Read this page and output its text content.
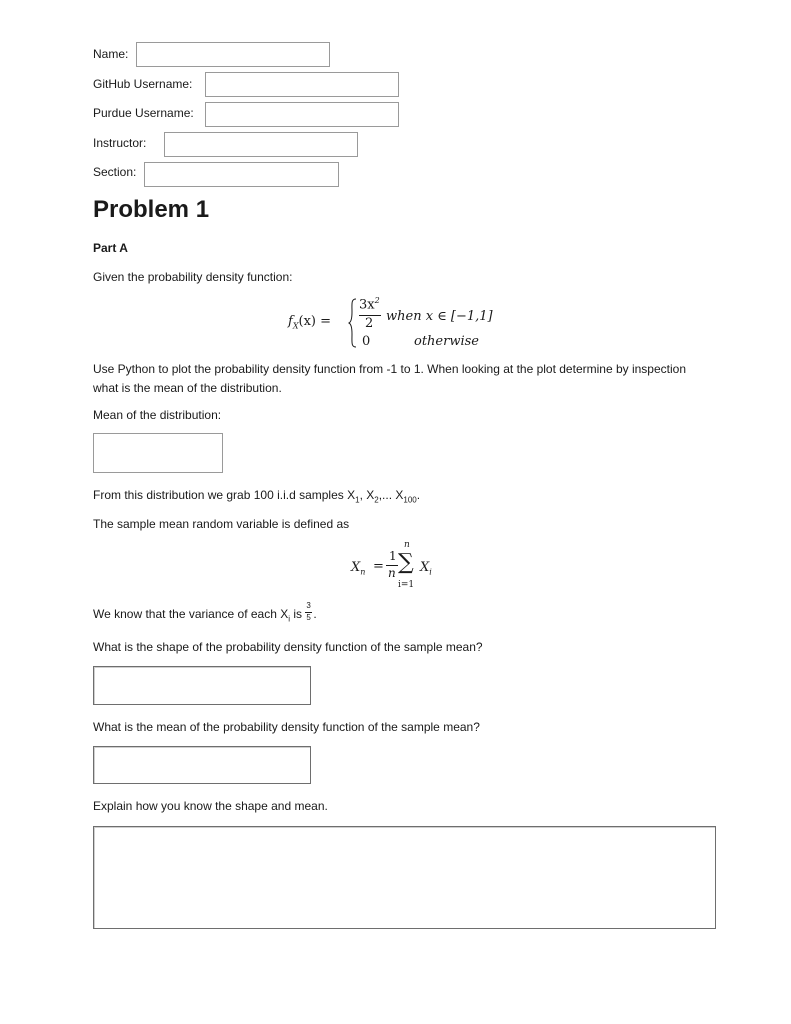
Name:
GitHub Username:
Purdue Username:
Instructor:
Section:
Problem 1
Part A
Given the probability density function:
$f_X(x)$ =
$3x^2$
2 when x ∈ [−1,1]
0	otherwise
Use Python to plot the probability density function from -1 to 1. When looking at the plot determine by inspection what is the mean of the distribution.
Mean of the distribution:
From this distribution we grab 100 i.i.d samples $X_1$, $X_2$,... $X_{100}$.
The sample mean random variable is defined as
$X_n$ =
1
n
n
∑
i=1
$X_i$
We know that the variance of each $X_i$ is $\frac{3}{5}$ .
What is the shape of the probability density function of the sample mean?
What is the mean of the probability density function of the sample mean?
Explain how you know the shape and mean.
